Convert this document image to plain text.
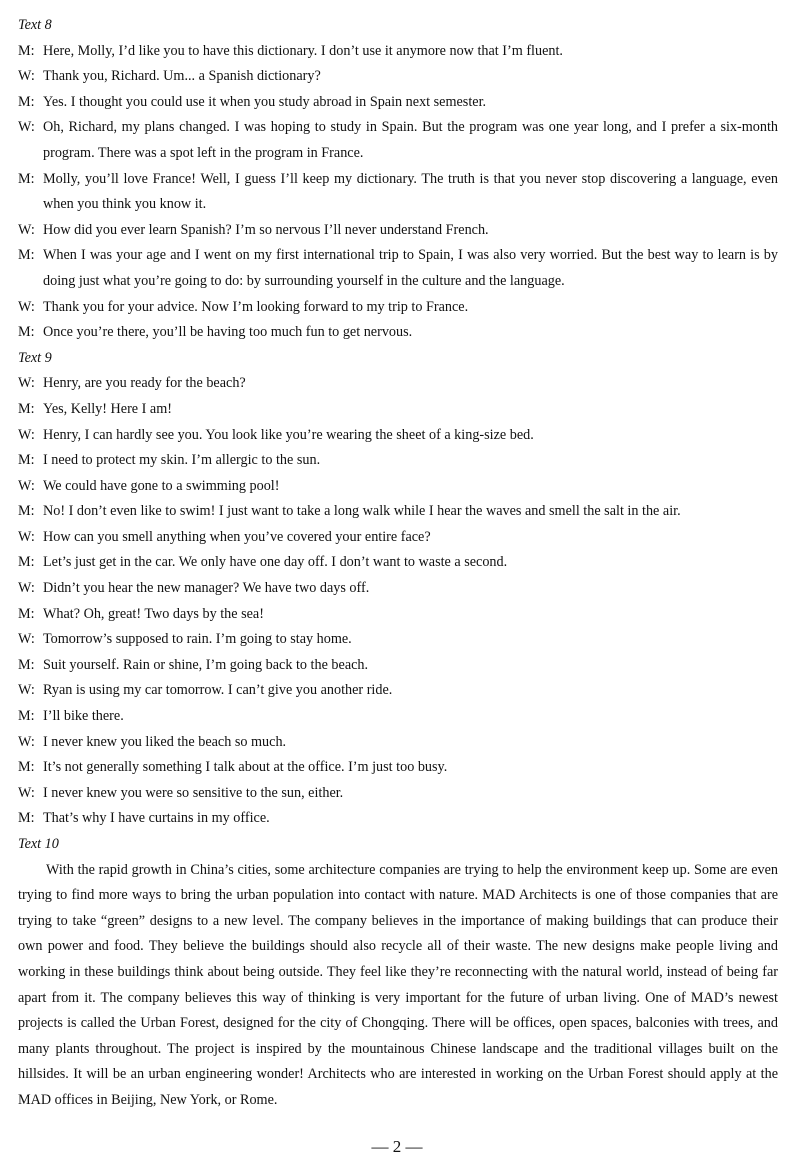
Text 8

M: Here, Molly, I’d like you to have this dictionary. I don’t use it anymore now that I’m fluent.

W: Thank you, Richard. Um... a Spanish dictionary?

M: Yes. I thought you could use it when you study abroad in Spain next semester.

W: Oh, Richard, my plans changed. I was hoping to study in Spain. But the program was one year long, and I prefer a six-month program. There was a spot left in the program in France.

M: Molly, you’ll love France! Well, I guess I’ll keep my dictionary. The truth is that you never stop discovering a language, even when you think you know it.

W: How did you ever learn Spanish? I’m so nervous I’ll never understand French.

M: When I was your age and I went on my first international trip to Spain, I was also very worried. But the best way to learn is by doing just what you’re going to do: by surrounding yourself in the culture and the language.

W: Thank you for your advice. Now I’m looking forward to my trip to France.

M: Once you’re there, you’ll be having too much fun to get nervous.

Text 9

W: Henry, are you ready for the beach?

M: Yes, Kelly! Here I am!

W: Henry, I can hardly see you. You look like you’re wearing the sheet of a king-size bed.

M: I need to protect my skin. I’m allergic to the sun.

W: We could have gone to a swimming pool!

M: No! I don’t even like to swim! I just want to take a long walk while I hear the waves and smell the salt in the air.

W: How can you smell anything when you’ve covered your entire face?

M: Let’s just get in the car. We only have one day off. I don’t want to waste a second.

W: Didn’t you hear the new manager? We have two days off.

M: What? Oh, great! Two days by the sea!

W: Tomorrow’s supposed to rain. I’m going to stay home.

M: Suit yourself. Rain or shine, I’m going back to the beach.

W: Ryan is using my car tomorrow. I can’t give you another ride.

M: I’ll bike there.

W: I never knew you liked the beach so much.

M: It’s not generally something I talk about at the office. I’m just too busy.

W: I never knew you were so sensitive to the sun, either.

M: That’s why I have curtains in my office.

Text 10

With the rapid growth in China’s cities, some architecture companies are trying to help the environment keep up. Some are even trying to find more ways to bring the urban population into contact with nature. MAD Architects is one of those companies that are trying to take “green” designs to a new level. The company believes in the importance of making buildings that can produce their own power and food. They believe the buildings should also recycle all of their waste. The new designs make people living and working in these buildings think about being outside. They feel like they’re reconnecting with the natural world, instead of being far apart from it. The company believes this way of thinking is very important for the future of urban living. One of MAD’s newest projects is called the Urban Forest, designed for the city of Chongqing. There will be offices, open spaces, balconies with trees, and many plants throughout. The project is inspired by the mountainous Chinese landscape and the traditional villages built on the hillsides. It will be an urban engineering wonder! Architects who are interested in working on the Urban Forest should apply at the MAD offices in Beijing, New York, or Rome.

— 2 —
